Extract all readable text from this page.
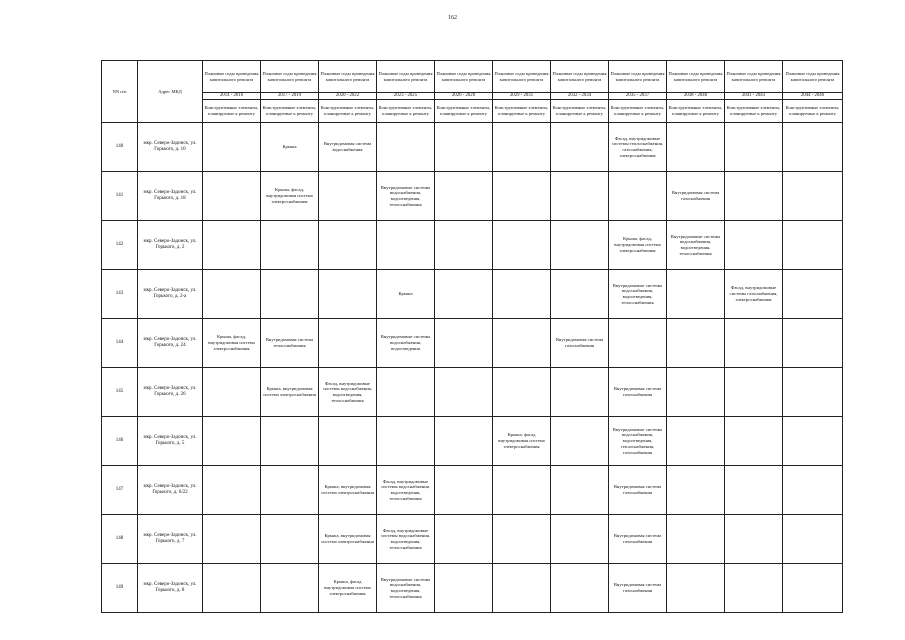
162
NN п/п	Адрес МКД	Плановые годы проведения капитального ремонта	Плановые годы проведения капитального ремонта	Плановые годы проведения капитального ремонта	Плановые годы проведения капитального ремонта	Плановые годы проведения капитального ремонта	Плановые годы проведения капитального ремонта	Плановые годы проведения капитального ремонта	Плановые годы проведения капитального ремонта	Плановые годы проведения капитального ремонта	Плановые годы проведения капитального ремонта	Плановые годы проведения капитального ремонта
		2014 - 2016	2017 - 2019	2020 - 2022	2023 - 2025	2026 - 2028	2029 - 2031	2032 - 2034	2035 - 2037	2038 - 2040	2041 - 2043	2044 - 2046
		Конструктивные элементы, планируемые к ремонту	Конструктивные элементы, планируемые к ремонту	Конструктивные элементы, планируемые к ремонту	Конструктивные элементы, планируемые к ремонту	Конструктивные элементы, планируемые к ремонту	Конструктивные элементы, планируемые к ремонту	Конструктивные элементы, планируемые к ремонту	Конструктивные элементы, планируемые к ремонту	Конструктивные элементы, планируемые к ремонту	Конструктивные элементы, планируемые к ремонту	Конструктивные элементы, планируемые к ремонту
140	мкр. Северо-Задонск, ул. Горького, д. 10		Крыша	Внутридомовая система водоснабжения					Фасад, внутридомовые системы теплоснабжения, газоснабжения, электроснабжения			
141	мкр. Северо-Задонск, ул. Горького, д. 18		Крыша, фасад, внутридомовая система электроснабжения		Внутридомовые системы водоснабжения, водоотведения, теплоснабжения					Внутридомовая система газоснабжения		
142	мкр. Северо-Задонск, ул. Горького, д. 2								Крыша, фасад, внутридомовая система электроснабжения	Внутридомовые системы водоснабжения, водоотведения, теплоснабжения		
143	мкр. Северо-Задонск, ул. Горького, д. 2-а				Крыша				Внутридомовые системы водоснабжения, водоотведения, теплоснабжения		Фасад, внутридомовые системы газоснабжения, электроснабжения	
144	мкр. Северо-Задонск, ул. Горького, д. 24	Крыша, фасад, внутридомовая система электроснабжения	Внутридомовая система теплоснабжения		Внутридомовые системы водоснабжения, водоотведения			Внутридомовая система газоснабжения				
145	мкр. Северо-Задонск, ул. Горького, д. 26		Крыша, внутридомовая система электроснабжения	Фасад, внутридомовые системы водоснабжения, водоотведения, теплоснабжения					Внутридомовая система газоснабжения			
146	мкр. Северо-Задонск, ул. Горького, д. 5						Крыша, фасад внутридомовая система электроснабжения		Внутридомовые системы водоснабжения, водоотведения, теплоснабжения, газоснабжения			
147	мкр. Северо-Задонск, ул. Горького, д. 6/22			Крыша, внутридомовая система электроснабжения	Фасад, внутридомовые системы водоснабжения, водоотведения, теплоснабжения				Внутридомовая система газоснабжения			
148	мкр. Северо-Задонск, ул. Горького, д. 7			Крыша, внутридомовая система электроснабжения	Фасад, внутридомовые системы водоснабжения, водоотведения, теплоснабжения				Внутридомовая система газоснабжения			
149	мкр. Северо-Задонск, ул. Горького, д. 8			Крыша, фасад внутридомовая система электроснабжения	Внутридомовые системы водоснабжения, водоотведения, теплоснабжения				Внутридомовая система газоснабжения			
